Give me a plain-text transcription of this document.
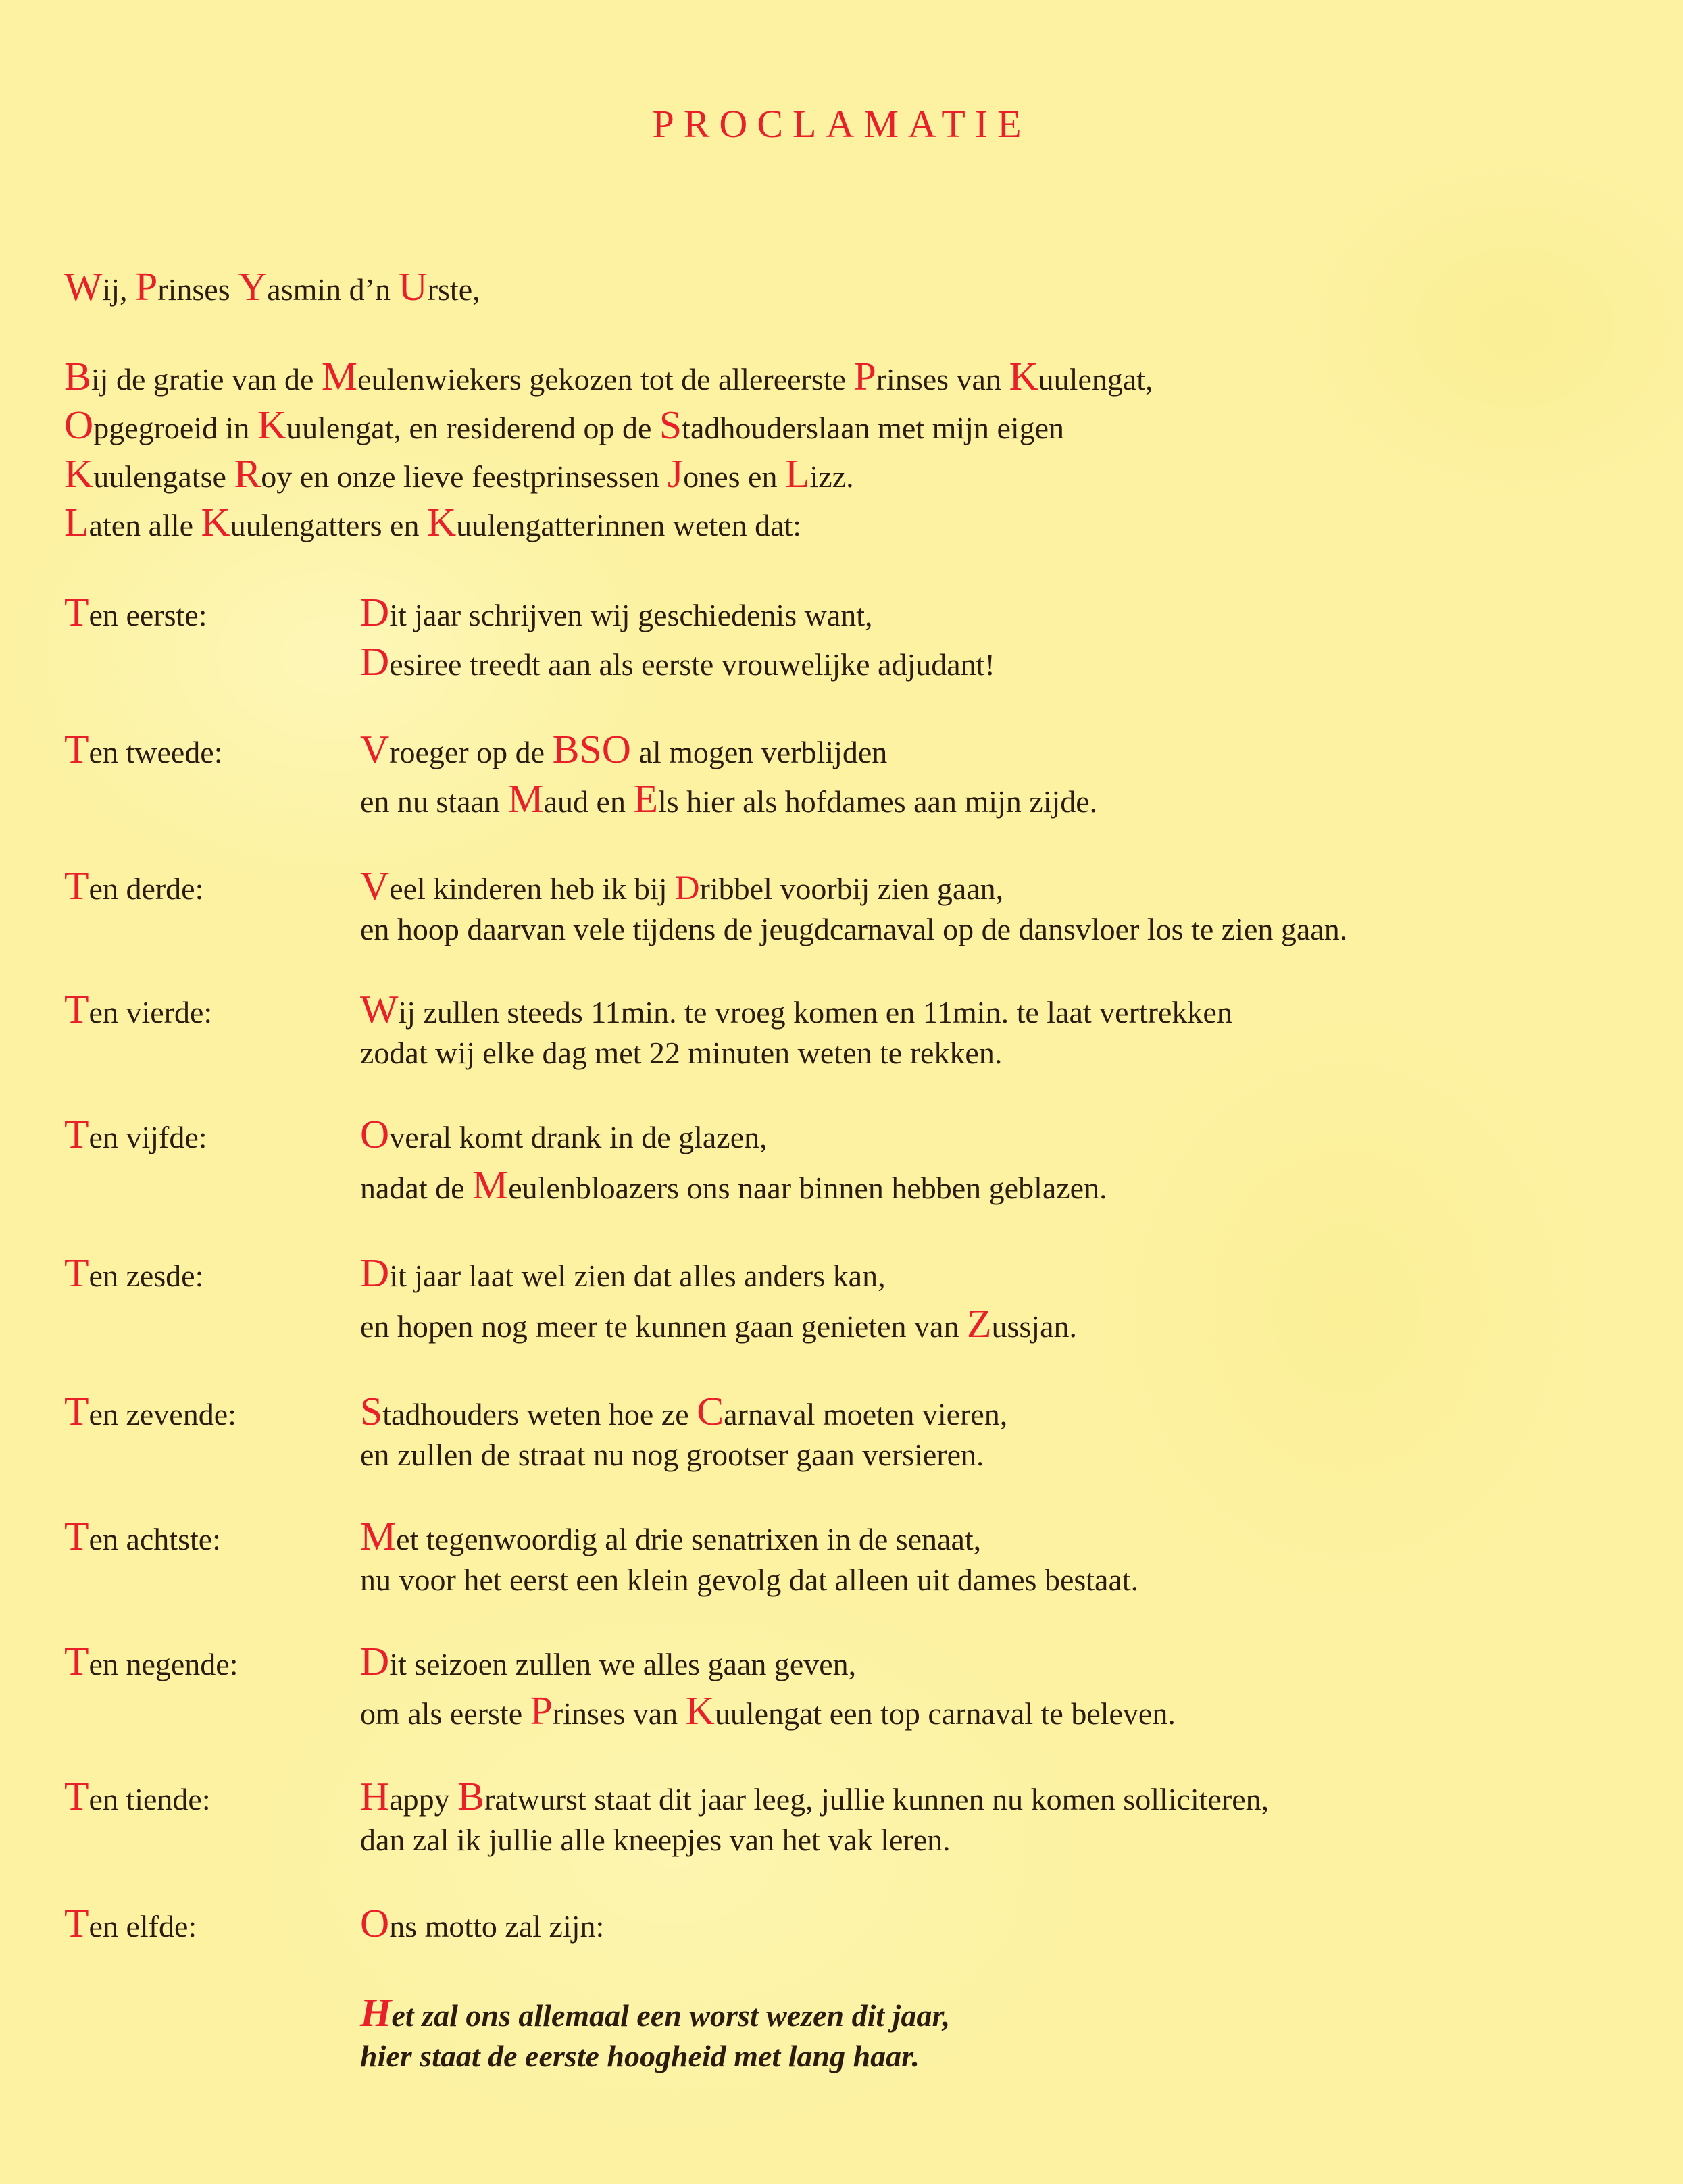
PROCLAMATIE
Wij, Prinses Yasmin d’n Urste,
Bij de gratie van de Meulenwiekers gekozen tot de allereerste Prinses van Kuulengat,
Opgegroeid in Kuulengat, en residerend op de Stadhouderslaan met mijn eigen
Kuulengatse Roy en onze lieve feestprinsessen Jones en Lizz.
Laten alle Kuulengatters en Kuulengatterinnen weten dat:
Ten eerste:	Dit jaar schrijven wij geschiedenis want,
Desiree treedt aan als eerste vrouwelijke adjudant!
Ten tweede:	Vroeger op de BSO al mogen verblijden
en nu staan Maud en Els hier als hofdames aan mijn zijde.
Ten derde:	Veel kinderen heb ik bij Dribbel voorbij zien gaan,
en hoop daarvan vele tijdens de jeugdcarnaval op de dansvloer los te zien gaan.
Ten vierde:	Wij zullen steeds 11min. te vroeg komen en 11min. te laat vertrekken
zodat wij elke dag met 22 minuten weten te rekken.
Ten vijfde:	Overal komt drank in de glazen,
nadat de Meulenbloazers ons naar binnen hebben geblazen.
Ten zesde:	Dit jaar laat wel zien dat alles anders kan,
en hopen nog meer te kunnen gaan genieten van Zussjan.
Ten zevende:	Stadhouders weten hoe ze Carnaval moeten vieren,
en zullen de straat nu nog grootser gaan versieren.
Ten achtste:	Met tegenwoordig al drie senatrixen in de senaat,
nu voor het eerst een klein gevolg dat alleen uit dames bestaat.
Ten negende:	Dit seizoen zullen we alles gaan geven,
om als eerste Prinses van Kuulengat een top carnaval te beleven.
Ten tiende:	Happy Bratwurst staat dit jaar leeg, jullie kunnen nu komen solliciteren,
dan zal ik jullie alle kneepjes van het vak leren.
Ten elfde:	Ons motto zal zijn:
Het zal ons allemaal een worst wezen dit jaar,
hier staat de eerste hoogheid met lang haar.
